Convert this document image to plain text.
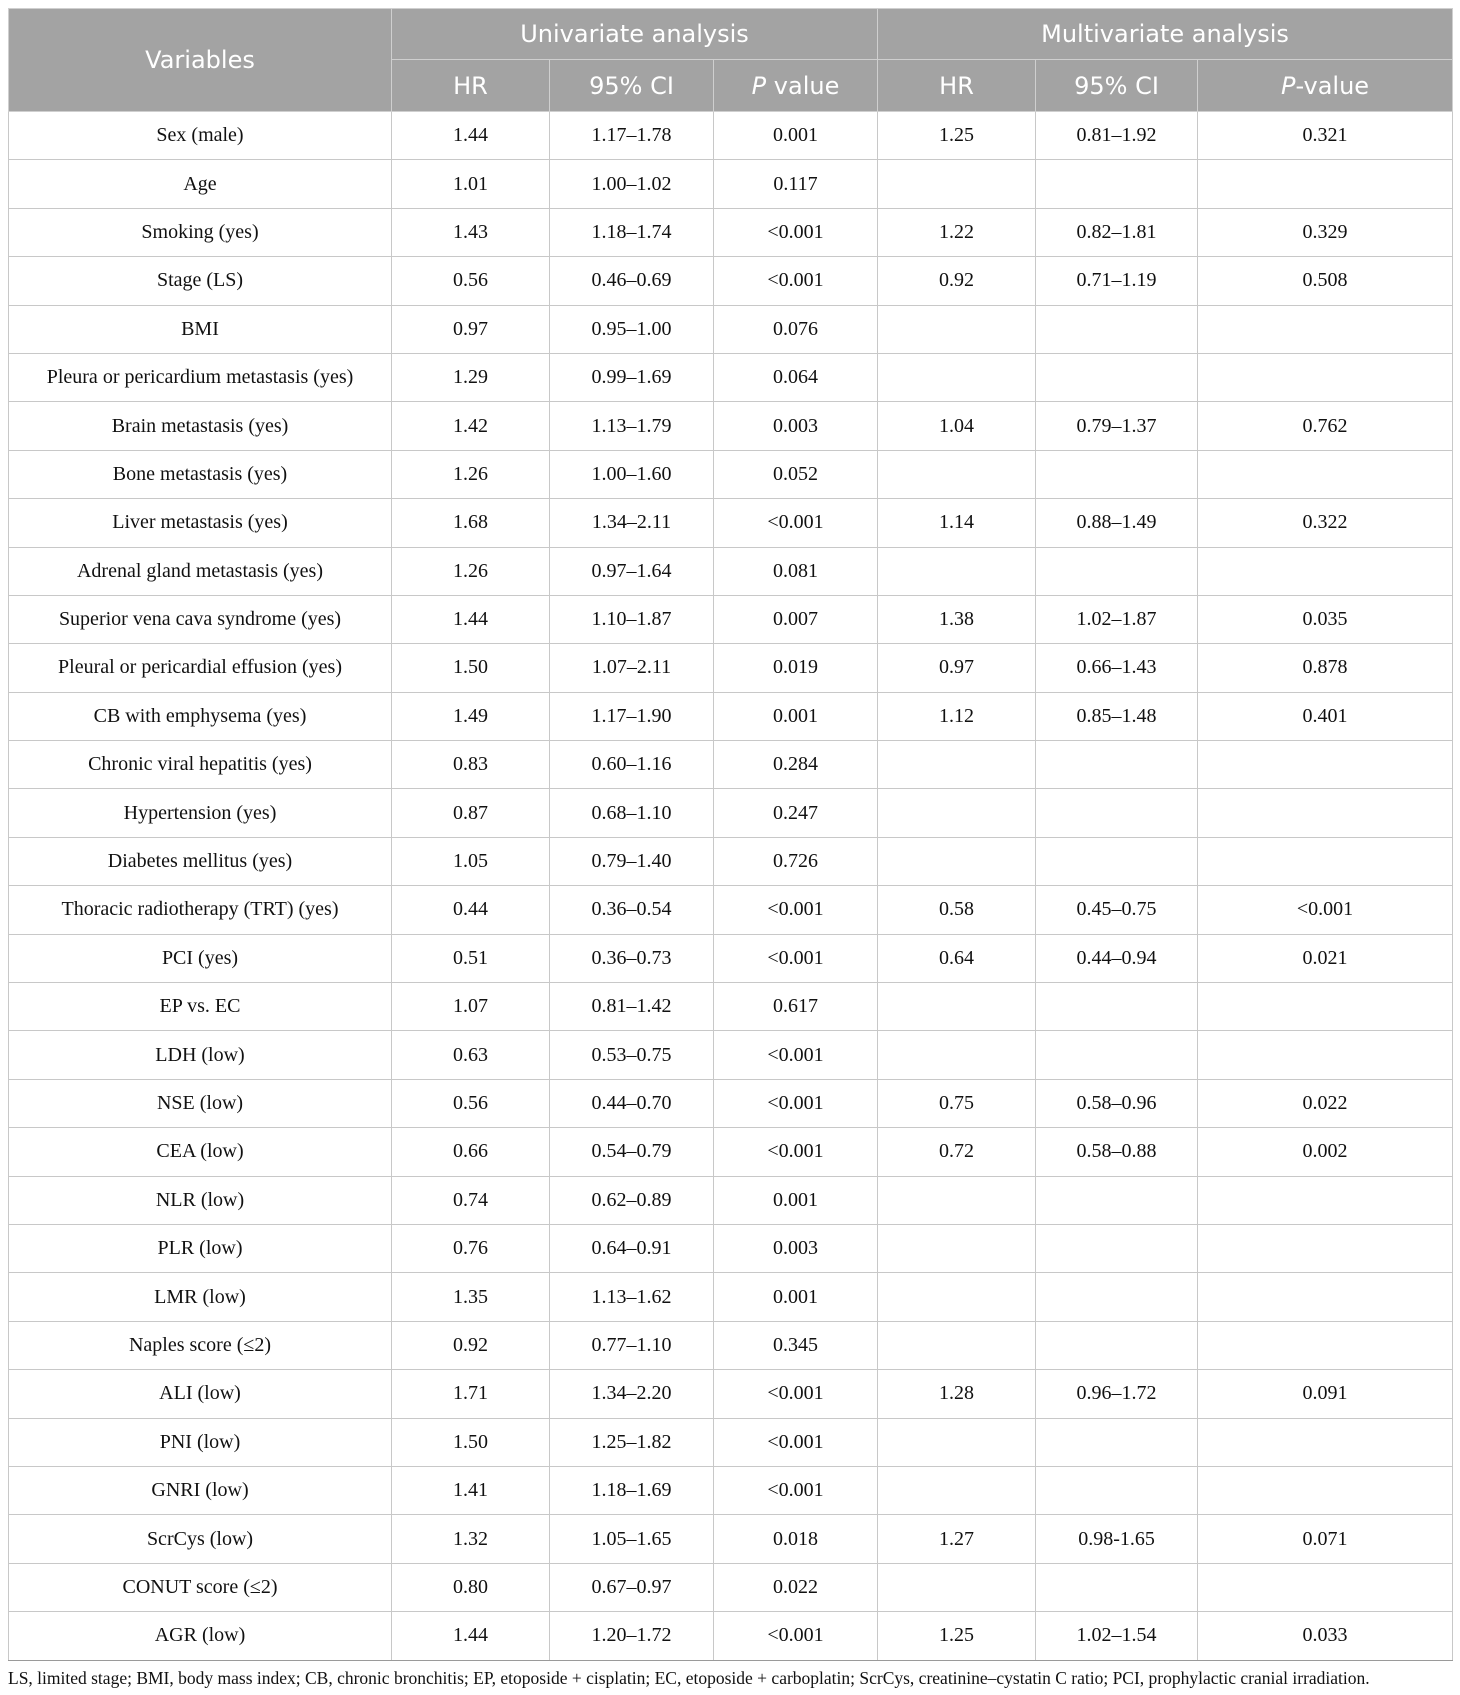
Variables	Univariate analysis			Multivariate analysis		
	HR	95% CI	P value	HR	95% CI	P-value
Sex (male)	1.44	1.17–1.78	0.001	1.25	0.81–1.92	0.321
Age	1.01	1.00–1.02	0.117			
Smoking (yes)	1.43	1.18–1.74	<0.001	1.22	0.82–1.81	0.329
Stage (LS)	0.56	0.46–0.69	<0.001	0.92	0.71–1.19	0.508
BMI	0.97	0.95–1.00	0.076			
Pleura or pericardium metastasis (yes)	1.29	0.99–1.69	0.064			
Brain metastasis (yes)	1.42	1.13–1.79	0.003	1.04	0.79–1.37	0.762
Bone metastasis (yes)	1.26	1.00–1.60	0.052			
Liver metastasis (yes)	1.68	1.34–2.11	<0.001	1.14	0.88–1.49	0.322
Adrenal gland metastasis (yes)	1.26	0.97–1.64	0.081			
Superior vena cava syndrome (yes)	1.44	1.10–1.87	0.007	1.38	1.02–1.87	0.035
Pleural or pericardial effusion (yes)	1.50	1.07–2.11	0.019	0.97	0.66–1.43	0.878
CB with emphysema (yes)	1.49	1.17–1.90	0.001	1.12	0.85–1.48	0.401
Chronic viral hepatitis (yes)	0.83	0.60–1.16	0.284			
Hypertension (yes)	0.87	0.68–1.10	0.247			
Diabetes mellitus (yes)	1.05	0.79–1.40	0.726			
Thoracic radiotherapy (TRT) (yes)	0.44	0.36–0.54	<0.001	0.58	0.45–0.75	<0.001
PCI (yes)	0.51	0.36–0.73	<0.001	0.64	0.44–0.94	0.021
EP vs. EC	1.07	0.81–1.42	0.617			
LDH (low)	0.63	0.53–0.75	<0.001			
NSE (low)	0.56	0.44–0.70	<0.001	0.75	0.58–0.96	0.022
CEA (low)	0.66	0.54–0.79	<0.001	0.72	0.58–0.88	0.002
NLR (low)	0.74	0.62–0.89	0.001			
PLR (low)	0.76	0.64–0.91	0.003			
LMR (low)	1.35	1.13–1.62	0.001			
Naples score (≤2)	0.92	0.77–1.10	0.345			
ALI (low)	1.71	1.34–2.20	<0.001	1.28	0.96–1.72	0.091
PNI (low)	1.50	1.25–1.82	<0.001			
GNRI (low)	1.41	1.18–1.69	<0.001			
ScrCys (low)	1.32	1.05–1.65	0.018	1.27	0.98-1.65	0.071
CONUT score (≤2)	0.80	0.67–0.97	0.022			
AGR (low)	1.44	1.20–1.72	<0.001	1.25	1.02–1.54	0.033
LS, limited stage; BMI, body mass index; CB, chronic bronchitis; EP, etoposide + cisplatin; EC, etoposide + carboplatin; ScrCys, creatinine–cystatin C ratio; PCI, prophylactic cranial irradiation.
